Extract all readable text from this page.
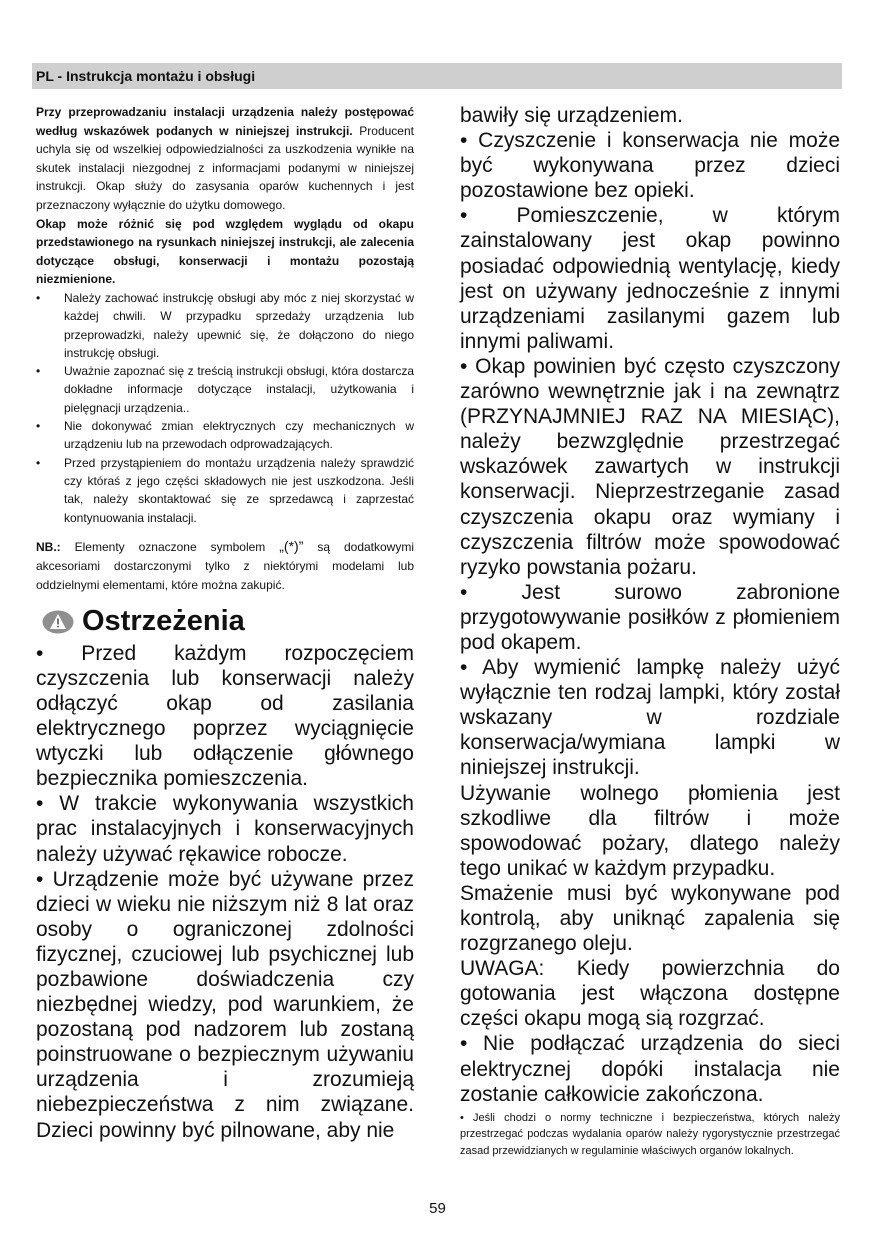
PL - Instrukcja montażu i obsługi

Przy przeprowadzaniu instalacji urządzenia należy postępować według wskazówek podanych w niniejszej instrukcji. Producent uchyla się od wszelkiej odpowiedzialności za uszkodzenia wynikłe na skutek instalacji niezgodnej z informacjami podanymi w niniejszej instrukcji. Okap służy do zasysania oparów kuchennych i jest przeznaczony wyłącznie do użytku domowego.

Okap może różnić się pod względem wyglądu od okapu przedstawionego na rysunkach niniejszej instrukcji, ale zalecenia dotyczące obsługi, konserwacji i montażu pozostają niezmienione.

• Należy zachować instrukcję obsługi aby móc z niej skorzystać w każdej chwili. W przypadku sprzedaży urządzenia lub przeprowadzki, należy upewnić się, że dołączono do niego instrukcję obsługi.
• Uważnie zapoznać się z treścią instrukcji obsługi, która dostarcza dokładne informacje dotyczące instalacji, użytkowania i pielęgnacji urządzenia..
• Nie dokonywać zmian elektrycznych czy mechanicznych w urządzeniu lub na przewodach odprowadzających.
• Przed przystąpieniem do montażu urządzenia należy sprawdzić czy któraś z jego części składowych nie jest uszkodzona. Jeśli tak, należy skontaktować się ze sprzedawcą i zaprzestać kontynuowania instalacji.

NB.: Elementy oznaczone symbolem „(*)” są dodatkowymi akcesoriami dostarczonymi tylko z niektórymi modelami lub oddzielnymi elementami, które można zakupić.

Ostrzeżenia

• Przed każdym rozpoczęciem czyszczenia lub konserwacji należy odłączyć okap od zasilania elektrycznego poprzez wyciągnięcie wtyczki lub odłączenie głównego bezpiecznika pomieszczenia.

• W trakcie wykonywania wszystkich prac instalacyjnych i konserwacyjnych należy używać rękawice robocze.

• Urządzenie może być używane przez dzieci w wieku nie niższym niż 8 lat oraz osoby o ograniczonej zdolności fizycznej, czuciowej lub psychicznej lub pozbawione doświadczenia czy niezbędnej wiedzy, pod warunkiem, że pozostaną pod nadzorem lub zostaną poinstruowane o bezpiecznym używaniu urządzenia i zrozumieją niebezpieczeństwa z nim związane. Dzieci powinny być pilnowane, aby nie

bawiły się urządzeniem.

• Czyszczenie i konserwacja nie może być wykonywana przez dzieci pozostawione bez opieki.

• Pomieszczenie, w którym zainstalowany jest okap powinno posiadać odpowiednią wentylację, kiedy jest on używany jednocześnie z innymi urządzeniami zasilanymi gazem lub innymi paliwami.

• Okap powinien być często czyszczony zarówno wewnętrznie jak i na zewnątrz (PRZYNAJMNIEJ RAZ NA MIESIĄC), należy bezwzględnie przestrzegać wskazówek zawartych w instrukcji konserwacji. Nieprzestrzeganie zasad czyszczenia okapu oraz wymiany i czyszczenia filtrów może spowodować ryzyko powstania pożaru.

• Jest surowo zabronione przygotowywanie posiłków z płomieniem pod okapem.

• Aby wymienić lampkę należy użyć wyłącznie ten rodzaj lampki, który został wskazany w rozdziale konserwacja/wymiana lampki w niniejszej instrukcji.

Używanie wolnego płomienia jest szkodliwe dla filtrów i może spowodować pożary, dlatego należy tego unikać w każdym przypadku.

Smażenie musi być wykonywane pod kontrolą, aby uniknąć zapalenia się rozgrzanego oleju.

UWAGA: Kiedy powierzchnia do gotowania jest włączona dostępne części okapu mogą sią rozgrzać.

• Nie podłączać urządzenia do sieci elektrycznej dopóki instalacja nie zostanie całkowicie zakończona.

• Jeśli chodzi o normy techniczne i bezpieczeństwa, których należy przestrzegać podczas wydalania oparów należy rygorystycznie przestrzegać zasad przewidzianych w regulaminie właściwych organów lokalnych.

59
